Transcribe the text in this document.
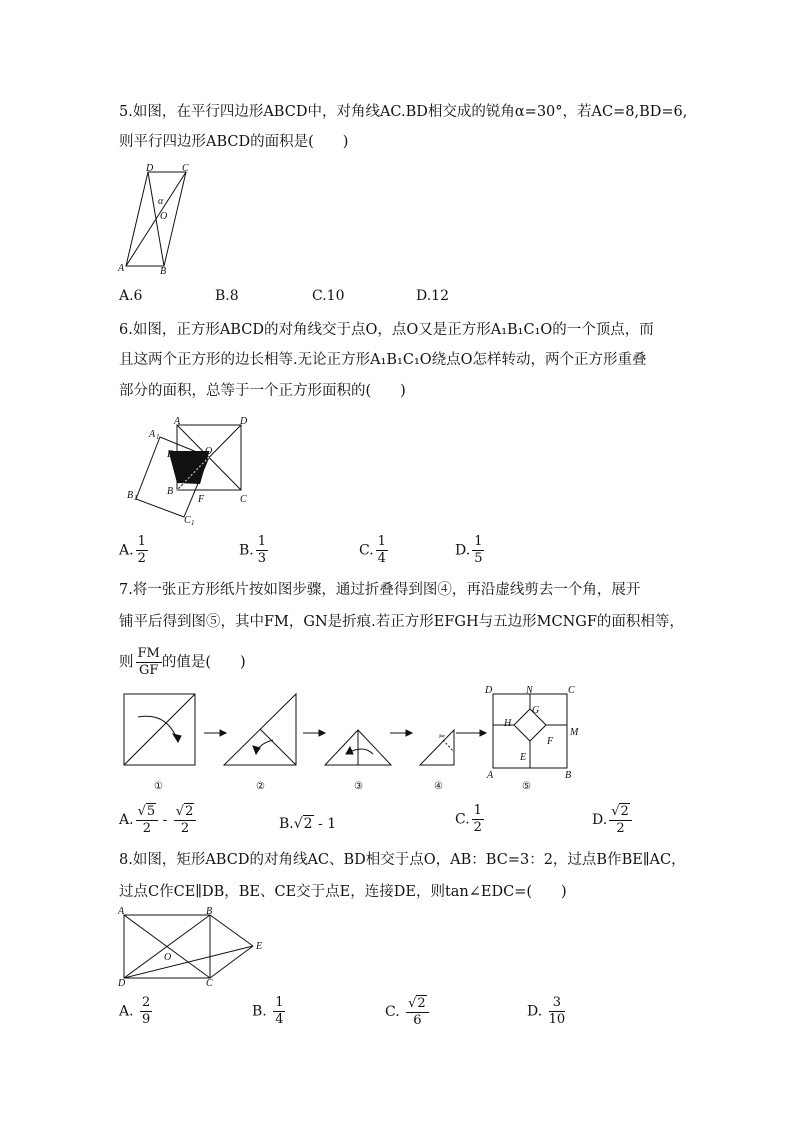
5.如图，在平行四边形ABCD中，对角线AC.BD相交成的锐角α=30°，若AC=8,BD=6,
则平行四边形ABCD的面积是(　　)
D	C
A	B
O
α
A.6	B.8	C.10	D.12
6.如图，正方形ABCD的对角线交于点O，点O又是正方形A₁B₁C₁O的一个顶点，而
且这两个正方形的边长相等.无论正方形A₁B₁C₁O绕点O怎样转动，两个正方形重叠
部分的面积，总等于一个正方形面积的(　　)
A	D
A 1
E	O
B
F	C
B 1
C 1
A. $\frac{1}{2}$	B. $\frac{1}{3}$	C. $\frac{1}{4}$	D. $\frac{1}{5}$
7.将一张正方形纸片按如图步骤，通过折叠得到图④，再沿虚线剪去一个角，展开
铺平后得到图⑤，其中FM，GN是折痕.若正方形EFGH与五边形MCNGF的面积相等，
则 $\frac{FM}{GF}$ 的值是(　　)
✂
①	②	③	④	⑤
D	N	C
G
H
M
F
E
A	B
A. $\frac{√5}{2} - \frac{√2}{2}$	B.√2 - 1	C. $\frac{1}{2}$	D. $\frac{√2}{2}$
8.如图，矩形ABCD的对角线AC、BD相交于点O，AB：BC=3：2，过点B作BE∥AC，
过点C作CE∥DB，BE、CE交于点E，连接DE，则tan∠EDC=(　　)
A	B
O
E
D	C
A. $\frac{2}{9}$	B. $\frac{1}{4}$	C. $\frac{√2}{6}$	D. $\frac{3}{10}$
